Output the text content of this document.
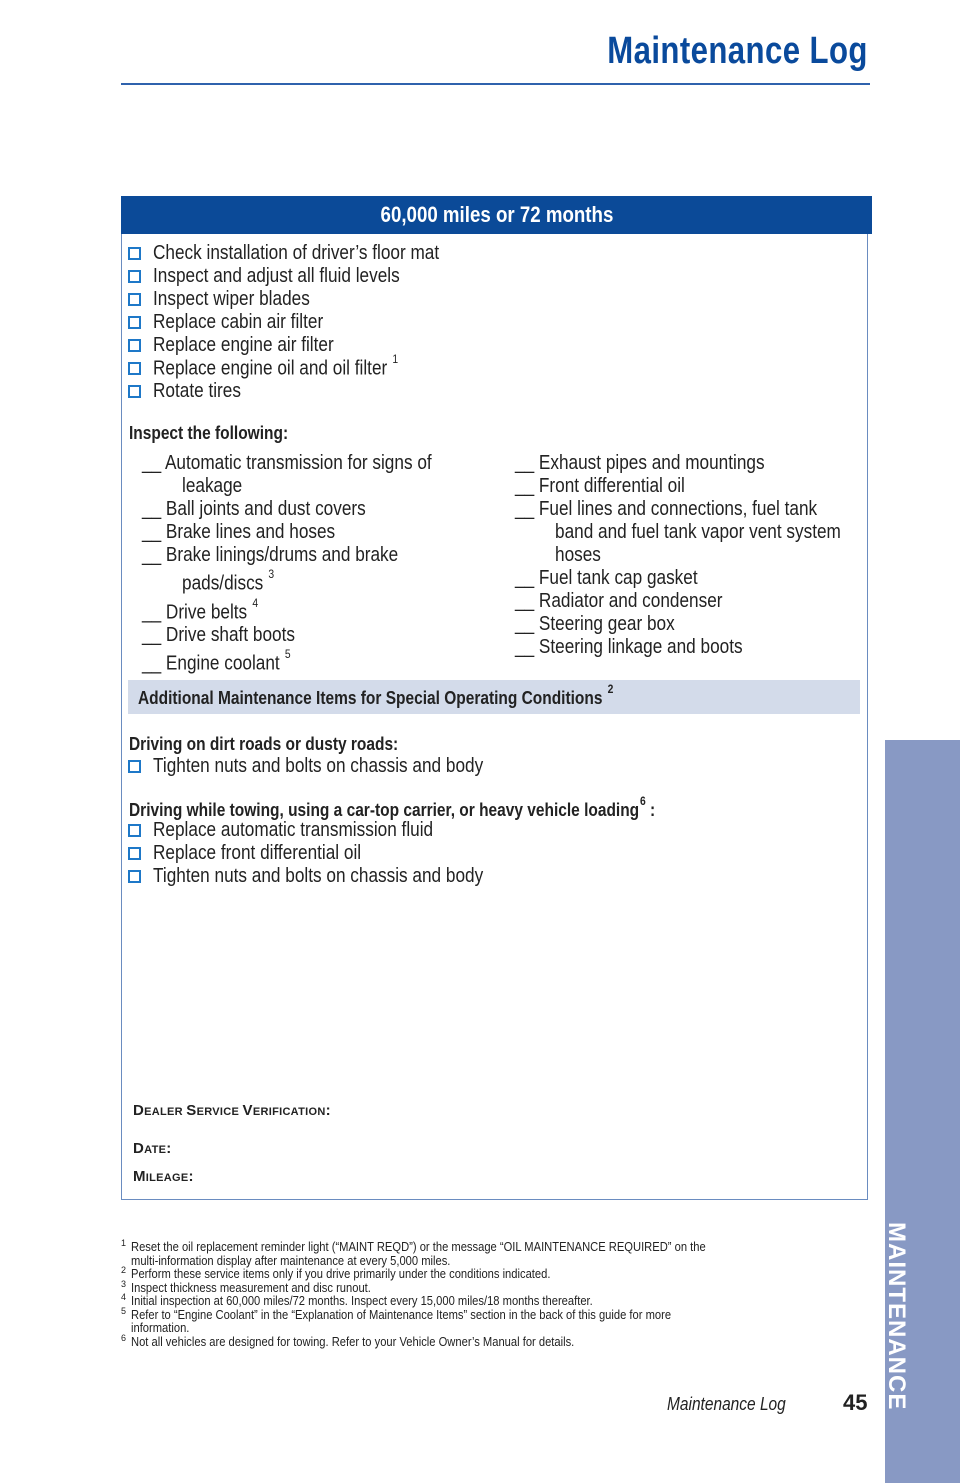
Maintenance Log
60,000 miles or 72 months
Check installation of driver’s floor mat
Inspect and adjust all fluid levels
Inspect wiper blades
Replace cabin air filter
Replace engine air filter
Replace engine oil and oil filter $^1$
Rotate tires
Inspect the following:
__ Automatic transmission for signs of
leakage
__ Ball joints and dust covers
__ Brake lines and hoses
__ Brake linings/drums and brake
pads/discs $^3$
__ Drive belts $^4$
__ Drive shaft boots
__ Engine coolant $^5$
__ Exhaust pipes and mountings
__ Front differential oil
__ Fuel lines and connections, fuel tank
band and fuel tank vapor vent system
hoses
__ Fuel tank cap gasket
__ Radiator and condenser
__ Steering gear box
__ Steering linkage and boots
Additional Maintenance Items for Special Operating Conditions $^2$
Driving on dirt roads or dusty roads:
Tighten nuts and bolts on chassis and body
Driving while towing, using a car-top carrier, or heavy vehicle loading$^6$ :
Replace automatic transmission fluid
Replace front differential oil
Tighten nuts and bolts on chassis and body
DEALER SERVICE VERIFICATION:
DATE:
MILEAGE:
1 Reset the oil replacement reminder light (“MAINT REQD”) or the message “OIL MAINTENANCE REQUIRED” on the
multi-information display after maintenance at every 5,000 miles.
2 Perform these service items only if you drive primarily under the conditions indicated.
3 Inspect thickness measurement and disc runout.
4 Initial inspection at 60,000 miles/72 months. Inspect every 15,000 miles/18 months thereafter.
5 Refer to “Engine Coolant” in the “Explanation of Maintenance Items” section in the back of this guide for more
information.
6 Not all vehicles are designed for towing. Refer to your Vehicle Owner’s Manual for details.
Maintenance Log	45 MAINTENANCE
